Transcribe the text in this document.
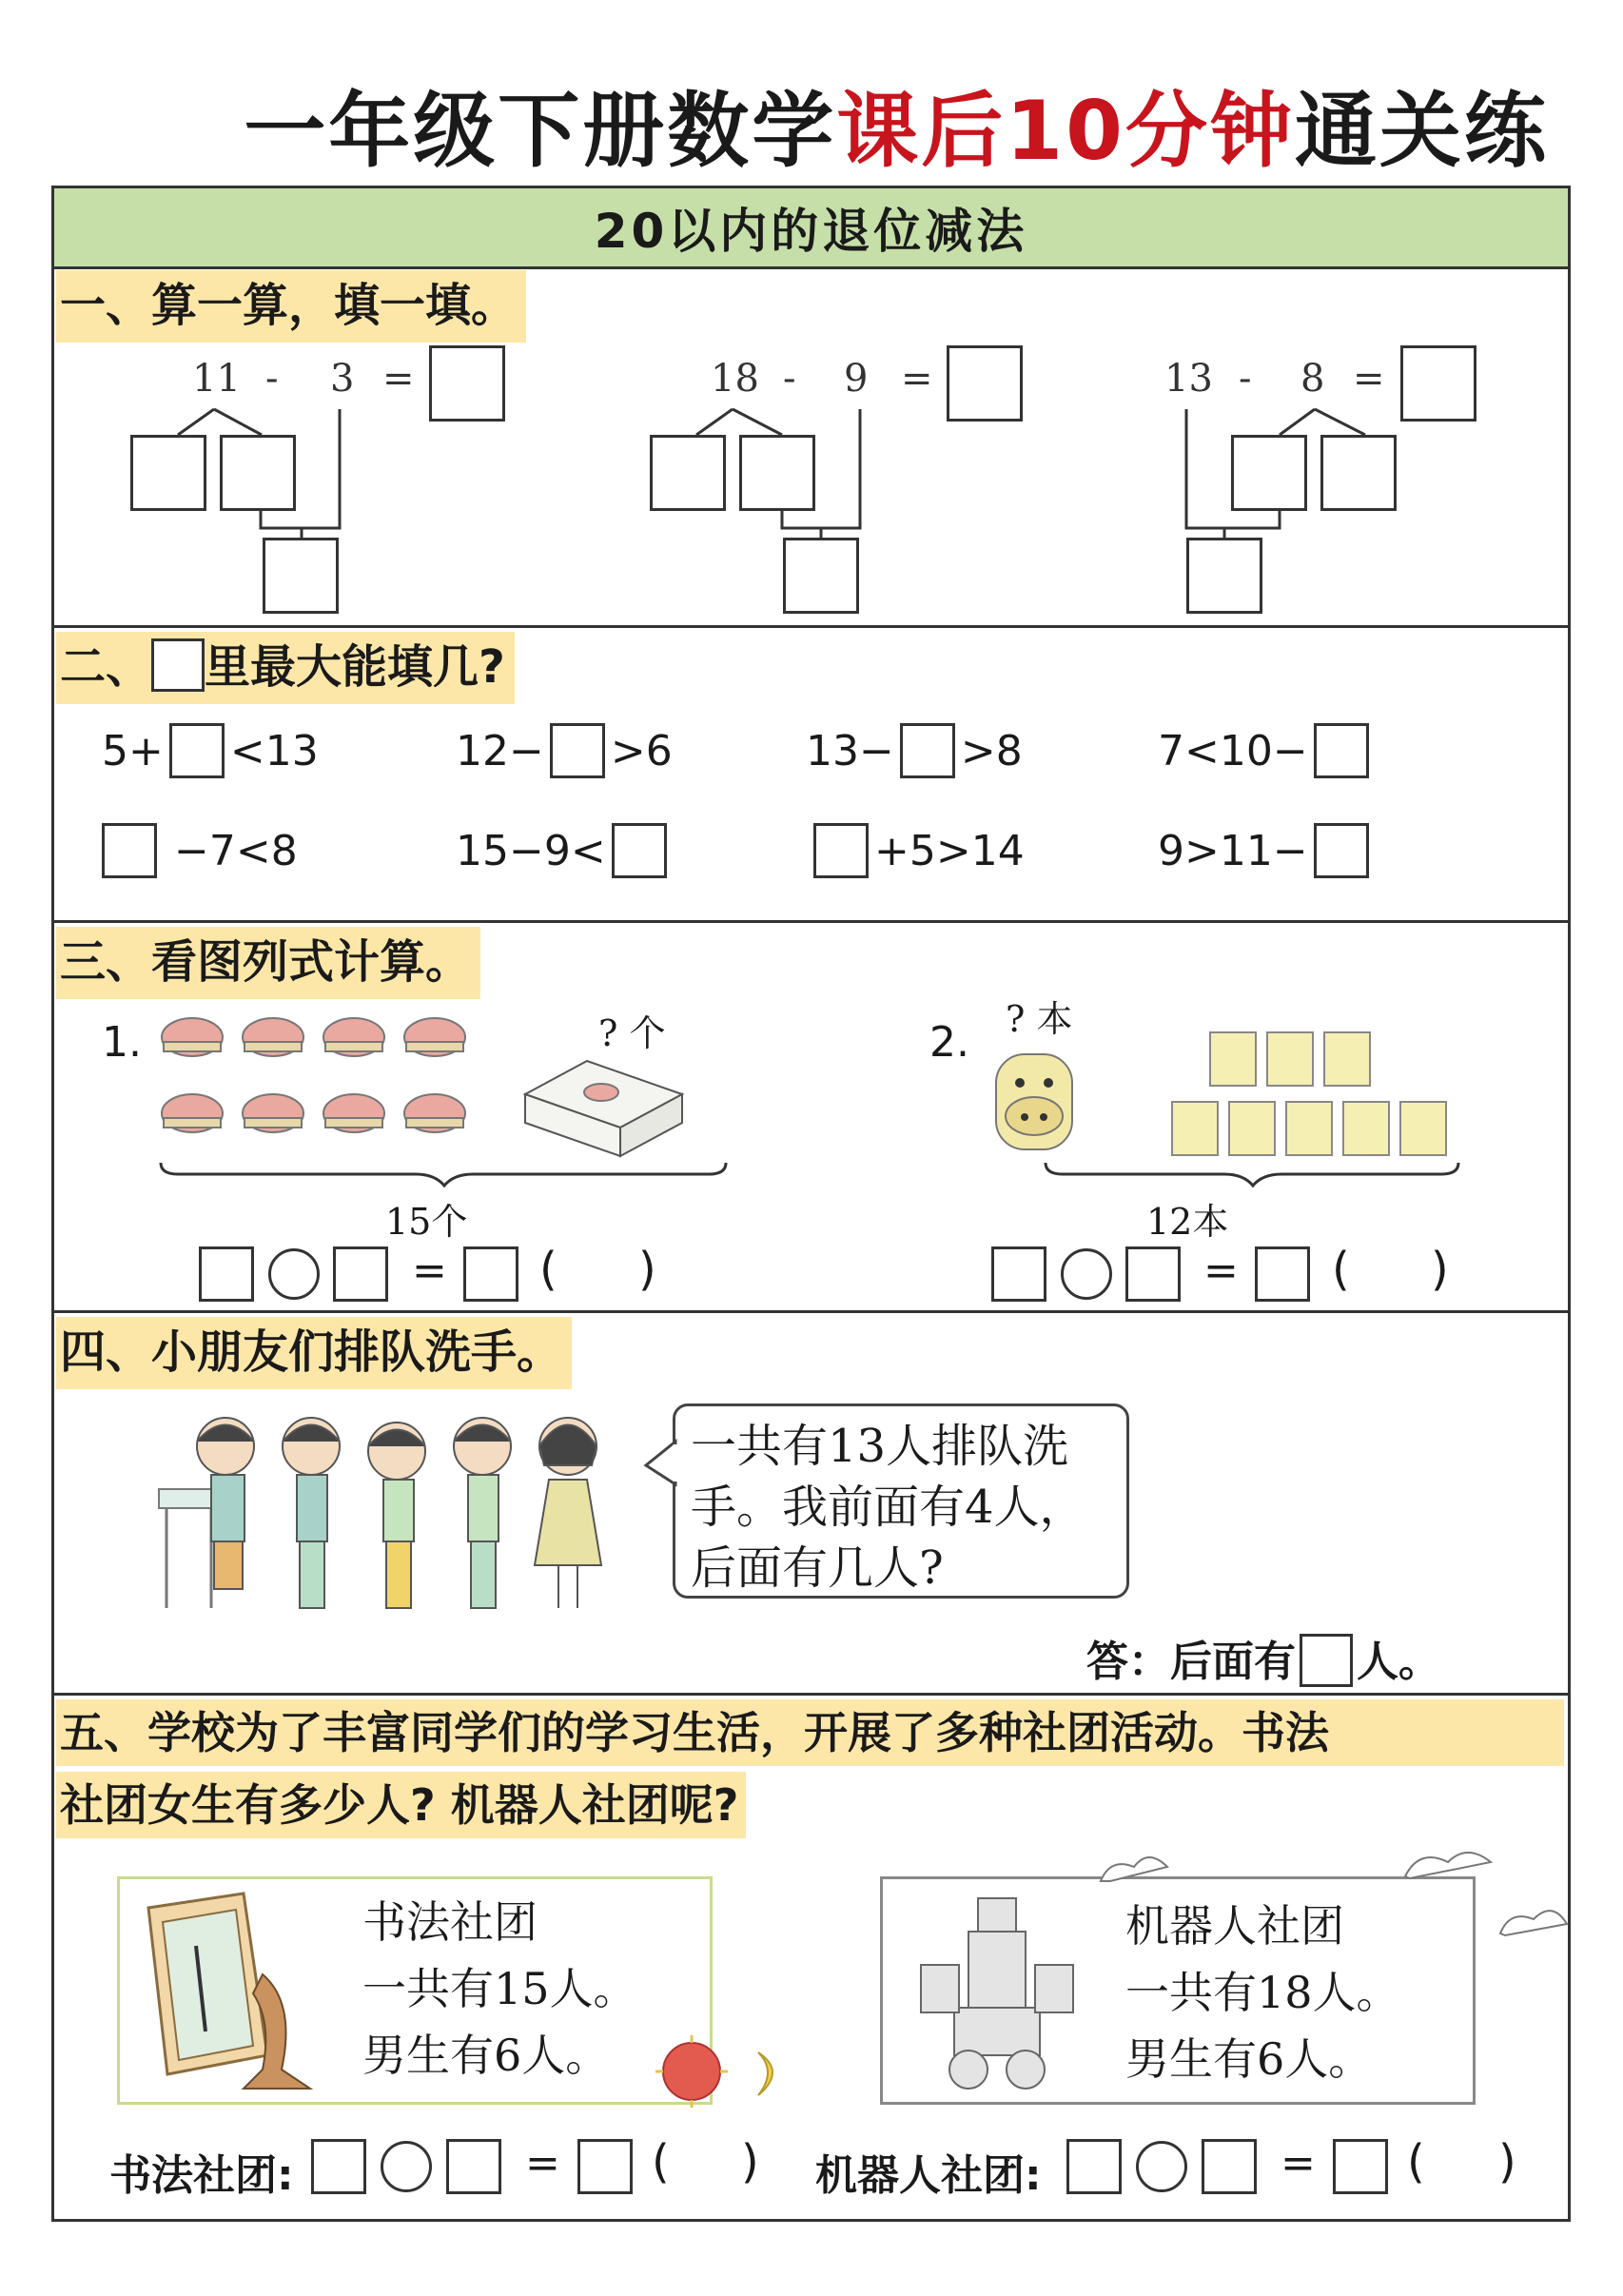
一年级下册数学课后10分钟通关练
20以内的退位减法
一、算一算，填一填。
11 - 3 =	18 - 9 =	13 - 8 =
二、 里最大能填几?
5+ <13	12− >6	13− >8	7<10−
−7<8	15−9<	+5>14	9>11−
三、看图列式计算。
1.	? 个
15个
= ( )
2. ? 本
12本
= ( )
四、小朋友们排队洗手。
一共有13人排队洗
手。我前面有4人，
后面有几人?
答：后面有 人。
五、学校为了丰富同学们的学习生活，开展了多种社团活动。书法
社团女生有多少人? 机器人社团呢?
书法社团
一共有15人。
男生有6人。
机器人社团
一共有18人。
男生有6人。
书法社团:	= ( ) 机器人社团:	= ( )
